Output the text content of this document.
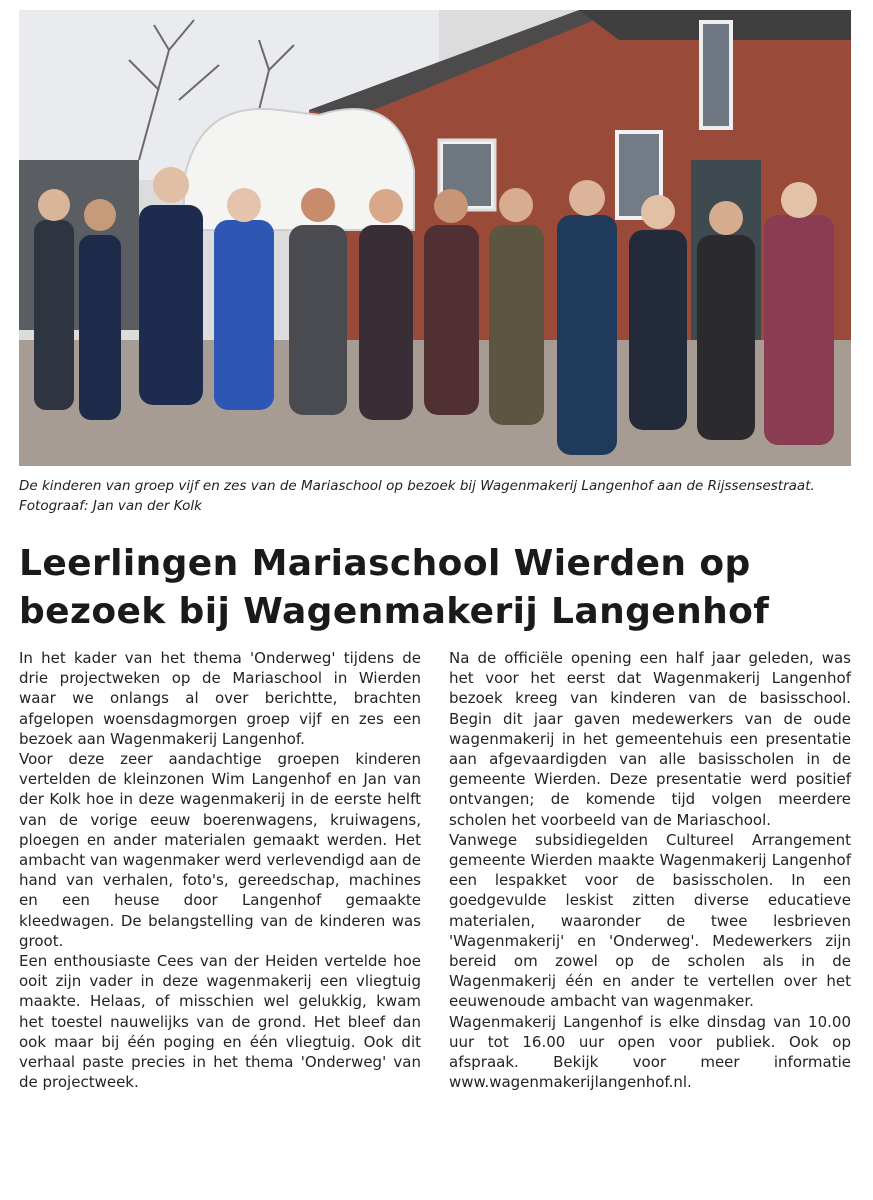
De kinderen van groep vijf en zes van de Mariaschool op bezoek bij Wagenmakerij Langenhof aan de Rijssensestraat. Fotograaf: Jan van der Kolk
Leerlingen Mariaschool Wierden op bezoek bij Wagenmakerij Langenhof

In het kader van het thema 'Onderweg' tijdens de drie projectweken op de Mariaschool in Wierden waar we onlangs al over berichtte, brachten afgelopen woensdagmorgen groep vijf en zes een bezoek aan Wagenmakerij Langenhof.

Voor deze zeer aandachtige groepen kinderen vertelden de kleinzonen Wim Langenhof en Jan van der Kolk hoe in deze wagenmakerij in de eerste helft van de vorige eeuw boerenwagens, kruiwagens, ploegen en ander materialen gemaakt werden. Het ambacht van wagenmaker werd verlevendigd aan de hand van verhalen, foto's, gereedschap, machines en een heuse door Langenhof gemaakte kleedwagen. De belangstelling van de kinderen was groot.

Een enthousiaste Cees van der Heiden vertelde hoe ooit zijn vader in deze wagenmakerij een vliegtuig maakte. Helaas, of misschien wel gelukkig, kwam het toestel nauwelijks van de grond. Het bleef dan ook maar bij één poging en één vliegtuig. Ook dit verhaal paste precies in het thema 'Onderweg' van de projectweek.

Na de officiële opening een half jaar geleden, was het voor het eerst dat Wagenmakerij Langenhof bezoek kreeg van kinderen van de basisschool. Begin dit jaar gaven medewerkers van de oude wagenmakerij in het gemeentehuis een presentatie aan afgevaardigden van alle basisscholen in de gemeente Wierden. Deze presentatie werd positief ontvangen; de komende tijd volgen meerdere scholen het voorbeeld van de Mariaschool.

Vanwege subsidiegelden Cultureel Arrangement gemeente Wierden maakte Wagenmakerij Langenhof een lespakket voor de basisscholen. In een goedgevulde leskist zitten diverse educatieve materialen, waaronder de twee lesbrieven 'Wagenmakerij' en 'Onderweg'. Medewerkers zijn bereid om zowel op de scholen als in de Wagenmakerij één en ander te vertellen over het eeuwenoude ambacht van wagenmaker.

Wagenmakerij Langenhof is elke dinsdag van 10.00 uur tot 16.00 uur open voor publiek. Ook op afspraak. Bekijk voor meer informatie www.wagenmakerijlangenhof.nl.
